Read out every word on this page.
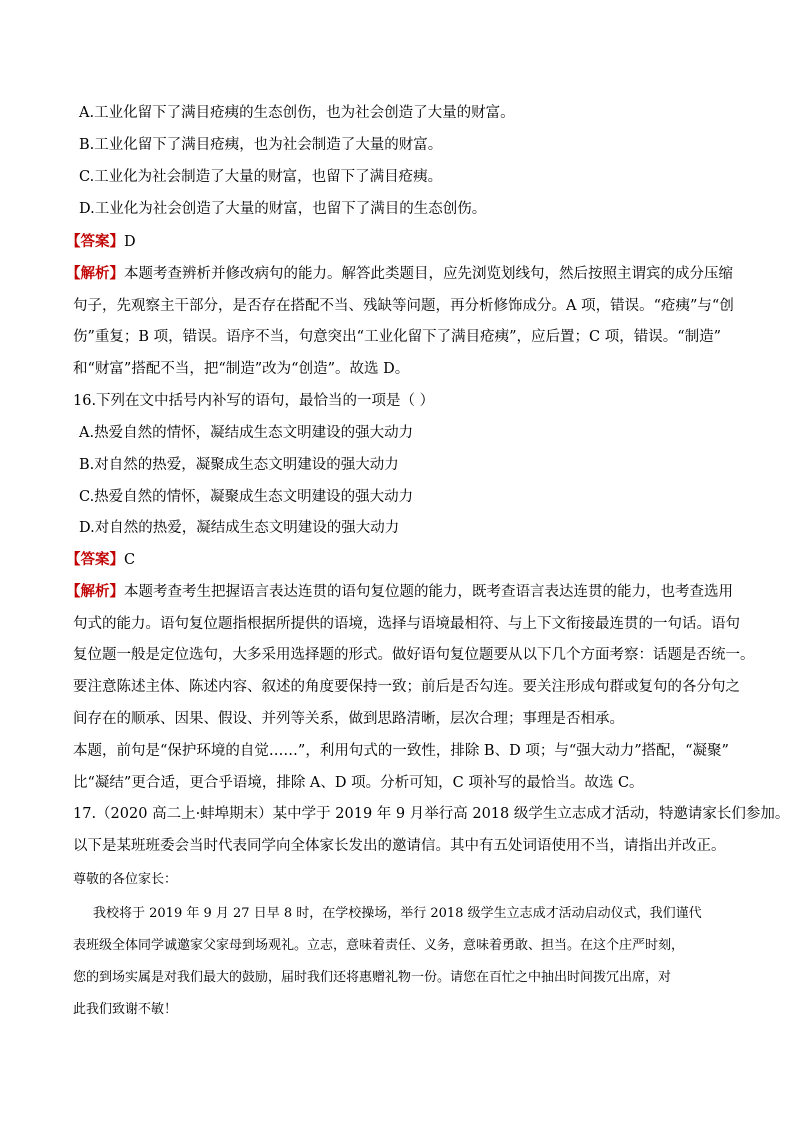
A.工业化留下了满目疮痍的生态创伤，也为社会创造了大量的财富。
B.工业化留下了满目疮痍，也为社会制造了大量的财富。
C.工业化为社会制造了大量的财富，也留下了满目疮痍。
D.工业化为社会创造了大量的财富，也留下了满目的生态创伤。
【答案】D
【解析】本题考查辨析并修改病句的能力。解答此类题目，应先浏览划线句，然后按照主谓宾的成分压缩
句子，先观察主干部分，是否存在搭配不当、残缺等问题，再分析修饰成分。A 项，错误。“疮痍”与“创
伤”重复；B 项，错误。语序不当，句意突出“工业化留下了满目疮痍”，应后置；C 项，错误。“制造”
和“财富”搭配不当，把“制造”改为“创造”。故选 D。
16.下列在文中括号内补写的语句，最恰当的一项是（ ）
A.热爱自然的情怀，凝结成生态文明建设的强大动力
B.对自然的热爱，凝聚成生态文明建设的强大动力
C.热爱自然的情怀，凝聚成生态文明建设的强大动力
D.对自然的热爱，凝结成生态文明建设的强大动力
【答案】C
【解析】本题考查考生把握语言表达连贯的语句复位题的能力，既考查语言表达连贯的能力，也考查选用
句式的能力。语句复位题指根据所提供的语境，选择与语境最相符、与上下文衔接最连贯的一句话。语句
复位题一般是定位选句，大多采用选择题的形式。做好语句复位题要从以下几个方面考察：话题是否统一。
要注意陈述主体、陈述内容、叙述的角度要保持一致；前后是否勾连。要关注形成句群或复句的各分句之
间存在的顺承、因果、假设、并列等关系，做到思路清晰，层次合理；事理是否相承。
本题，前句是“保护环境的自觉……”，利用句式的一致性，排除 B、D 项；与“强大动力”搭配，“凝聚”
比“凝结”更合适，更合乎语境，排除 A、D 项。分析可知，C 项补写的最恰当。故选 C。
17.（2020 高二上·蚌埠期末）某中学于 2019 年 9 月举行高 2018 级学生立志成才活动，特邀请家长们参加。
以下是某班班委会当时代表同学向全体家长发出的邀请信。其中有五处词语使用不当，请指出并改正。
尊敬的各位家长：
我校将于 2019 年 9 月 27 日早 8 时，在学校操场，举行 2018 级学生立志成才活动启动仪式，我们谨代
表班级全体同学诚邀家父家母到场观礼。立志，意味着责任、义务，意味着勇敢、担当。在这个庄严时刻，
您的到场实属是对我们最大的鼓励，届时我们还将惠赠礼物一份。请您在百忙之中抽出时间拨冗出席，对
此我们致谢不敏！
